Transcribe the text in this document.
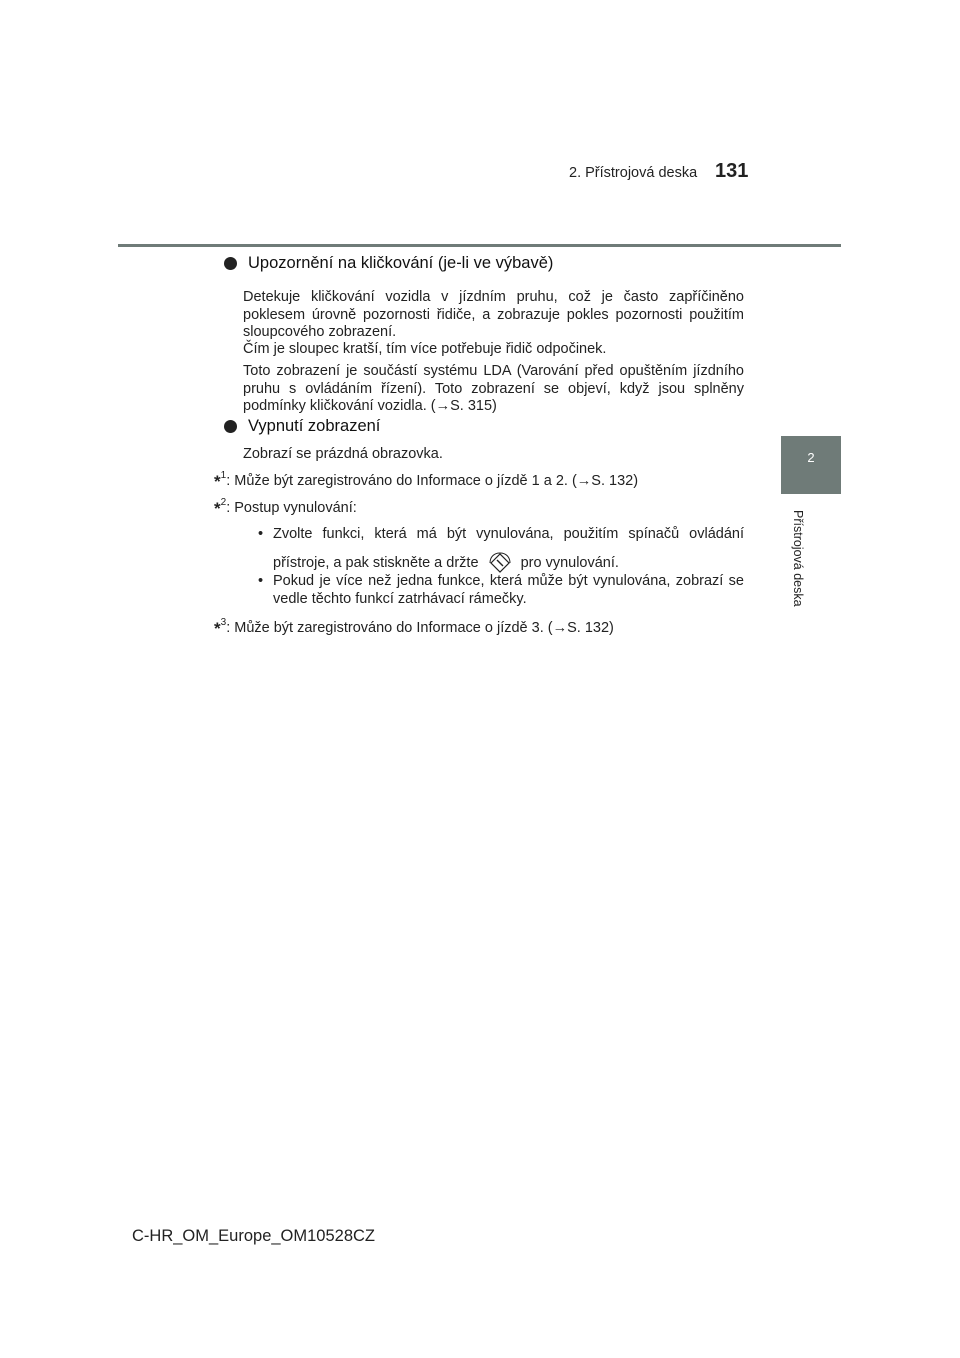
2. Přístrojová deska 131
2
Přístrojová deska
Upozornění na kličkování (je-li ve výbavě)
Detekuje kličkování vozidla v jízdním pruhu, což je často zapříčiněno poklesem úrovně pozornosti řidiče, a zobrazuje pokles pozornosti použitím sloupcového zobrazení.
Čím je sloupec kratší, tím více potřebuje řidič odpočinek.
Toto zobrazení je součástí systému LDA (Varování před opuštěním jízdního pruhu s ovládáním řízení). Toto zobrazení se objeví, když jsou splněny podmínky kličkování vozidla. (→S. 315)
Vypnutí zobrazení
Zobrazí se prázdná obrazovka.
*$^1$: Může být zaregistrováno do Informace o jízdě 1 a 2. (→S. 132)
*$^2$: Postup vynulování:
• Zvolte funkci, která má být vynulována, použitím spínačů ovládání přístroje, a pak stiskněte a držte	pro vynulování.
• Pokud je více než jedna funkce, která může být vynulována, zobrazí se vedle těchto funkcí zatrhávací rámečky.
*$^3$: Může být zaregistrováno do Informace o jízdě 3. (→S. 132)
C-HR_OM_Europe_OM10528CZ
